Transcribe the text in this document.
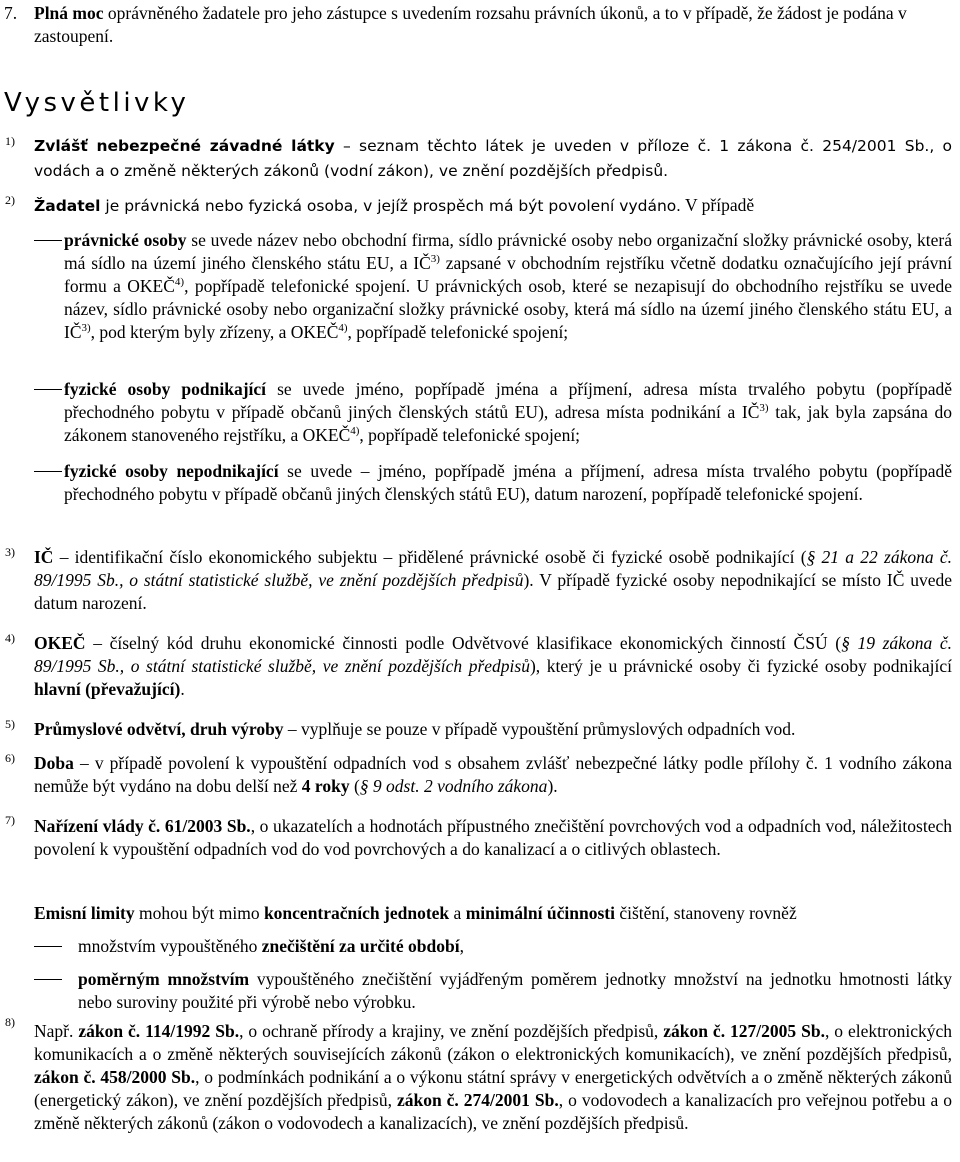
7. Plná moc oprávněného žadatele pro jeho zástupce s uvedením rozsahu právních úkonů, a to v případě, že žádost je podána v zastoupení.
Vysvětlivky
1) Zvlášť nebezpečné závadné látky – seznam těchto látek je uveden v příloze č. 1 zákona č. 254/2001 Sb., o vodách a o změně některých zákonů (vodní zákon), ve znění pozdějších předpisů.
2) Žadatel je právnická nebo fyzická osoba, v jejíž prospěch má být povolení vydáno. V případě
právnické osoby se uvede název nebo obchodní firma, sídlo právnické osoby nebo organizační složky právnické osoby, která má sídlo na území jiného členského státu EU, a IČ$^{3)}$ zapsané v obchodním rejstříku včetně dodatku označujícího její právní formu a OKEČ$^{4)}$, popřípadě telefonické spojení. U právnických osob, které se nezapisují do obchodního rejstříku se uvede název, sídlo právnické osoby nebo organizační složky právnické osoby, která má sídlo na území jiného členského státu EU, a IČ$^{3)}$, pod kterým byly zřízeny, a OKEČ$^{4)}$, popřípadě telefonické spojení;
fyzické osoby podnikající se uvede jméno, popřípadě jména a příjmení, adresa místa trvalého pobytu (popřípadě přechodného pobytu v případě občanů jiných členských států EU), adresa místa podnikání a IČ$^{3)}$ tak, jak byla zapsána do zákonem stanoveného rejstříku, a OKEČ$^{4)}$, popřípadě telefonické spojení;
fyzické osoby nepodnikající se uvede – jméno, popřípadě jména a příjmení, adresa místa trvalého pobytu (popřípadě přechodného pobytu v případě občanů jiných členských států EU), datum narození, popřípadě telefonické spojení.
3) IČ – identifikační číslo ekonomického subjektu – přidělené právnické osobě či fyzické osobě podnikající (§ 21 a 22 zákona č. 89/1995 Sb., o státní statistické službě, ve znění pozdějších předpisů). V případě fyzické osoby nepodnikající se místo IČ uvede datum narození.
4) OKEČ – číselný kód druhu ekonomické činnosti podle Odvětvové klasifikace ekonomických činností ČSÚ (§ 19 zákona č. 89/1995 Sb., o státní statistické službě, ve znění pozdějších předpisů), který je u právnické osoby či fyzické osoby podnikající hlavní (převažující).
5) Průmyslové odvětví, druh výroby – vyplňuje se pouze v případě vypouštění průmyslových odpadních vod.
6) Doba – v případě povolení k vypouštění odpadních vod s obsahem zvlášť nebezpečné látky podle přílohy č. 1 vodního zákona nemůže být vydáno na dobu delší než 4 roky (§ 9 odst. 2 vodního zákona).
7) Nařízení vlády č. 61/2003 Sb., o ukazatelích a hodnotách přípustného znečištění povrchových vod a odpadních vod, náležitostech povolení k vypouštění odpadních vod do vod povrchových a do kanalizací a o citlivých oblastech.
Emisní limity mohou být mimo koncentračních jednotek a minimální účinnosti čištění, stanoveny rovněž
množstvím vypouštěného znečištění za určité období,
poměrným množstvím vypouštěného znečištění vyjádřeným poměrem jednotky množství na jednotku hmotnosti látky nebo suroviny použité při výrobě nebo výrobku.
8) Např. zákon č. 114/1992 Sb., o ochraně přírody a krajiny, ve znění pozdějších předpisů, zákon č. 127/2005 Sb., o elektronických komunikacích a o změně některých souvisejících zákonů (zákon o elektronických komunikacích), ve znění pozdějších předpisů, zákon č. 458/2000 Sb., o podmínkách podnikání a o výkonu státní správy v energetických odvětvích a o změně některých zákonů (energetický zákon), ve znění pozdějších předpisů, zákon č. 274/2001 Sb., o vodovodech a kanalizacích pro veřejnou potřebu a o změně některých zákonů (zákon o vodovodech a kanalizacích), ve znění pozdějších předpisů.
